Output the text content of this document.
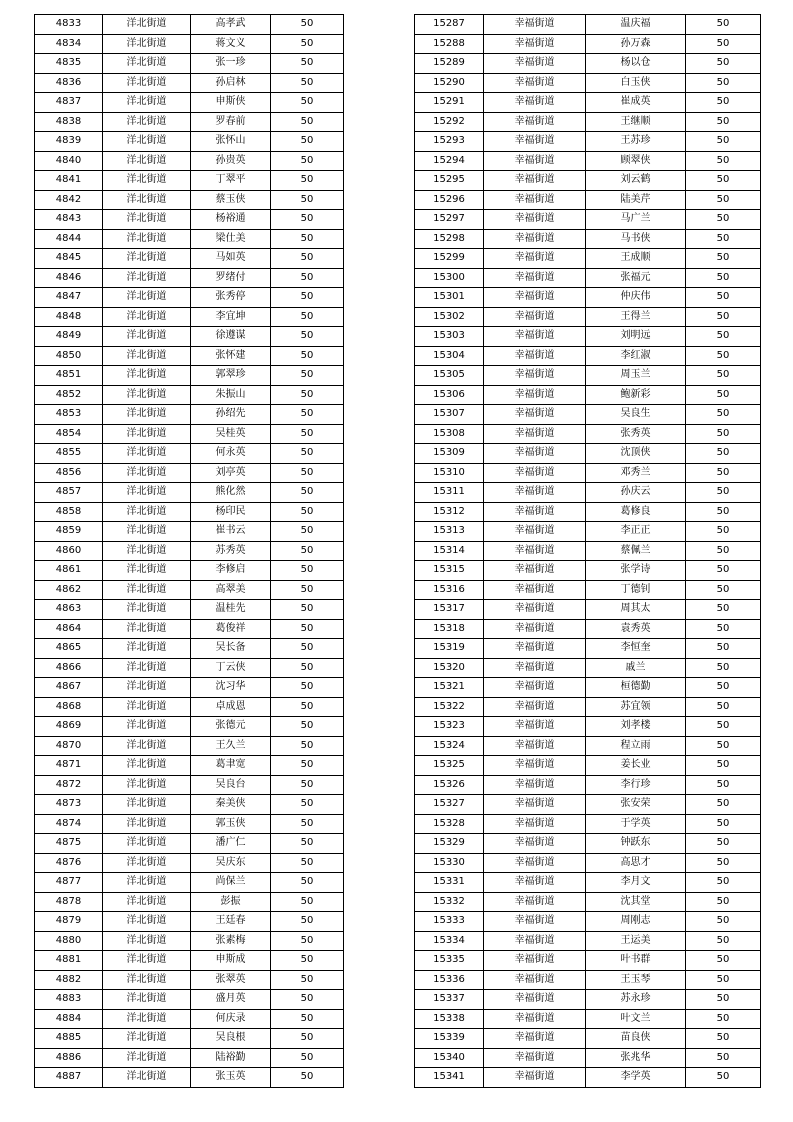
4833	洋北街道	高孝武	50
4834	洋北街道	蒋文义	50
4835	洋北街道	张一珍	50
4836	洋北街道	孙启林	50
4837	洋北街道	申斯侠	50
4838	洋北街道	罗春前	50
4839	洋北街道	张怀山	50
4840	洋北街道	孙贵英	50
4841	洋北街道	丁翠平	50
4842	洋北街道	蔡玉侠	50
4843	洋北街道	杨裕通	50
4844	洋北街道	梁仕美	50
4845	洋北街道	马如英	50
4846	洋北街道	罗绪付	50
4847	洋北街道	张秀停	50
4848	洋北街道	李宜坤	50
4849	洋北街道	徐遵谋	50
4850	洋北街道	张怀建	50
4851	洋北街道	郭翠珍	50
4852	洋北街道	朱振山	50
4853	洋北街道	孙绍先	50
4854	洋北街道	吴桂英	50
4855	洋北街道	何永英	50
4856	洋北街道	刘亭英	50
4857	洋北街道	熊化然	50
4858	洋北街道	杨印民	50
4859	洋北街道	崔书云	50
4860	洋北街道	苏秀英	50
4861	洋北街道	李修启	50
4862	洋北街道	高翠美	50
4863	洋北街道	温桂先	50
4864	洋北街道	葛俊祥	50
4865	洋北街道	吴长备	50
4866	洋北街道	丁云侠	50
4867	洋北街道	沈习华	50
4868	洋北街道	卓成恩	50
4869	洋北街道	张德元	50
4870	洋北街道	王久兰	50
4871	洋北街道	葛聿宽	50
4872	洋北街道	吴良台	50
4873	洋北街道	秦美侠	50
4874	洋北街道	郭玉侠	50
4875	洋北街道	潘广仁	50
4876	洋北街道	吴庆东	50
4877	洋北街道	尚保兰	50
4878	洋北街道	彭振	50
4879	洋北街道	王廷春	50
4880	洋北街道	张素梅	50
4881	洋北街道	申斯成	50
4882	洋北街道	张翠英	50
4883	洋北街道	盛月英	50
4884	洋北街道	何庆录	50
4885	洋北街道	吴良根	50
4886	洋北街道	陆裕勤	50
4887	洋北街道	张玉英	50
15287	幸福街道	温庆福	50
15288	幸福街道	孙万森	50
15289	幸福街道	杨以仓	50
15290	幸福街道	白玉侠	50
15291	幸福街道	崔成英	50
15292	幸福街道	王继顺	50
15293	幸福街道	王苏珍	50
15294	幸福街道	顾翠侠	50
15295	幸福街道	刘云鹤	50
15296	幸福街道	陆美芹	50
15297	幸福街道	马广兰	50
15298	幸福街道	马书侠	50
15299	幸福街道	王成顺	50
15300	幸福街道	张福元	50
15301	幸福街道	仲庆伟	50
15302	幸福街道	王得兰	50
15303	幸福街道	刘明远	50
15304	幸福街道	李红淑	50
15305	幸福街道	周玉兰	50
15306	幸福街道	鲍新彩	50
15307	幸福街道	吴良生	50
15308	幸福街道	张秀英	50
15309	幸福街道	沈顶侠	50
15310	幸福街道	邓秀兰	50
15311	幸福街道	孙庆云	50
15312	幸福街道	葛修良	50
15313	幸福街道	李正正	50
15314	幸福街道	蔡佩兰	50
15315	幸福街道	张学诗	50
15316	幸福街道	丁德钊	50
15317	幸福街道	周其太	50
15318	幸福街道	袁秀英	50
15319	幸福街道	李恒奎	50
15320	幸福街道	戚兰	50
15321	幸福街道	桓德勤	50
15322	幸福街道	苏宜领	50
15323	幸福街道	刘孝楼	50
15324	幸福街道	程立雨	50
15325	幸福街道	姜长业	50
15326	幸福街道	李行珍	50
15327	幸福街道	张安荣	50
15328	幸福街道	于学英	50
15329	幸福街道	钟跃东	50
15330	幸福街道	高思才	50
15331	幸福街道	李月文	50
15332	幸福街道	沈其堂	50
15333	幸福街道	周刚志	50
15334	幸福街道	王运美	50
15335	幸福街道	叶书群	50
15336	幸福街道	王玉琴	50
15337	幸福街道	苏永珍	50
15338	幸福街道	叶文兰	50
15339	幸福街道	苗良侠	50
15340	幸福街道	张兆华	50
15341	幸福街道	李学英	50
